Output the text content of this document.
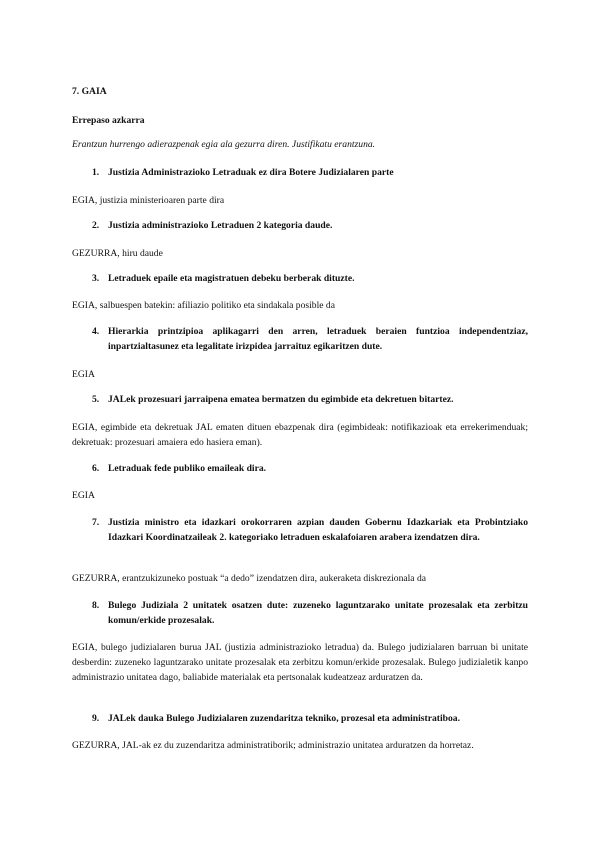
7. GAIA

Errepaso azkarra

Erantzun hurrengo adierazpenak egia ala gezurra diren. Justifikatu erantzuna.

1. Justizia Administrazioko Letraduak ez dira Botere Judizialaren parte

EGIA, justizia ministerioaren parte dira

2. Justizia administrazioko Letraduen 2 kategoria daude.

GEZURRA, hiru daude

3. Letraduek epaile eta magistratuen debeku berberak dituzte.

EGIA, salbuespen batekin: afiliazio politiko eta sindakala posible da

4. Hierarkia printzipioa aplikagarri den arren, letraduek beraien funtzioa independentziaz, inpartzialtasunez eta legalitate irizpidea jarraituz egikaritzen dute.

EGIA

5. JALek prozesuari jarraipena ematea bermatzen du egimbide eta dekretuen bitartez.

EGIA, egimbide eta dekretuak JAL ematen dituen ebazpenak dira (egimbideak: notifikazioak eta errekerimenduak; dekretuak: prozesuari amaiera edo hasiera eman).

6. Letraduak fede publiko emaileak dira.

EGIA

7. Justizia ministro eta idazkari orokorraren azpian dauden Gobernu Idazkariak eta Probintziako Idazkari Koordinatzaileak 2. kategoriako letraduen eskalafoiaren arabera izendatzen dira.

GEZURRA, erantzukizuneko postuak “a dedo” izendatzen dira, aukeraketa diskrezionala da

8. Bulego Judiziala 2 unitatek osatzen dute: zuzeneko laguntzarako unitate prozesalak eta zerbitzu komun/erkide prozesalak.

EGIA, bulego judizialaren burua JAL (justizia administrazioko letradua) da. Bulego judizialaren barruan bi unitate desberdin: zuzeneko laguntzarako unitate prozesalak eta zerbitzu komun/erkide prozesalak. Bulego judizialetik kanpo administrazio unitatea dago, baliabide materialak eta pertsonalak kudeatzeaz arduratzen da.

9. JALek dauka Bulego Judizialaren zuzendaritza tekniko, prozesal eta administratiboa.

GEZURRA, JAL-ak ez du zuzendaritza administratiborik; administrazio unitatea arduratzen da horretaz.
